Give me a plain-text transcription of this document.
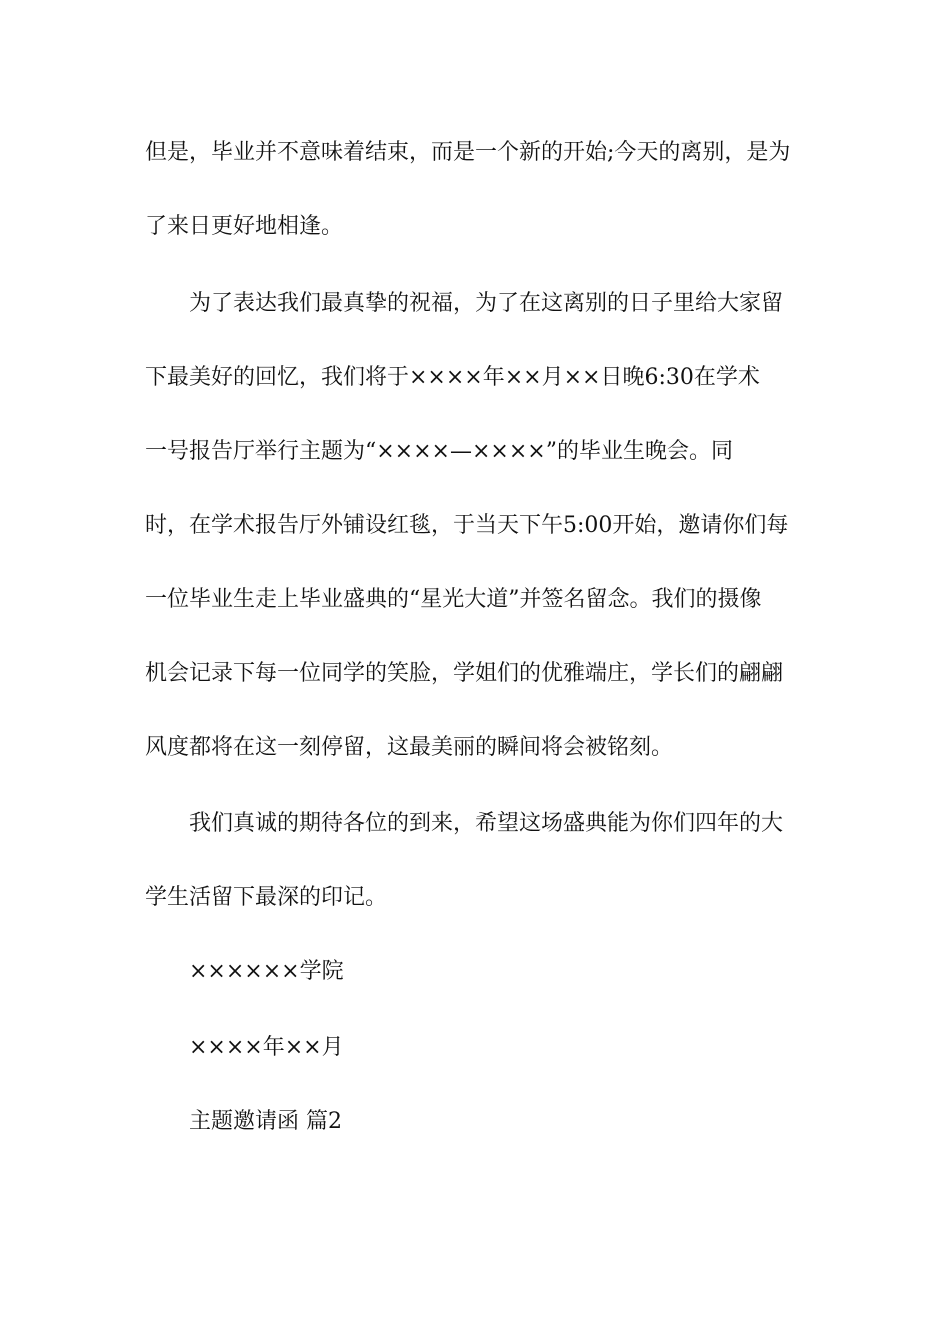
但是，毕业并不意味着结束，而是一个新的开始;今天的离别，是为
了来日更好地相逢。
为了表达我们最真挚的祝福，为了在这离别的日子里给大家留
下最美好的回忆，我们将于××××年××月××日晚6:30在学术
一号报告厅举行主题为“××××—××××”的毕业生晚会。同
时，在学术报告厅外铺设红毯，于当天下午5:00开始，邀请你们每
一位毕业生走上毕业盛典的“星光大道”并签名留念。我们的摄像
机会记录下每一位同学的笑脸，学姐们的优雅端庄，学长们的翩翩
风度都将在这一刻停留，这最美丽的瞬间将会被铭刻。
我们真诚的期待各位的到来，希望这场盛典能为你们四年的大
学生活留下最深的印记。
××××××学院
××××年××月
主题邀请函 篇2
